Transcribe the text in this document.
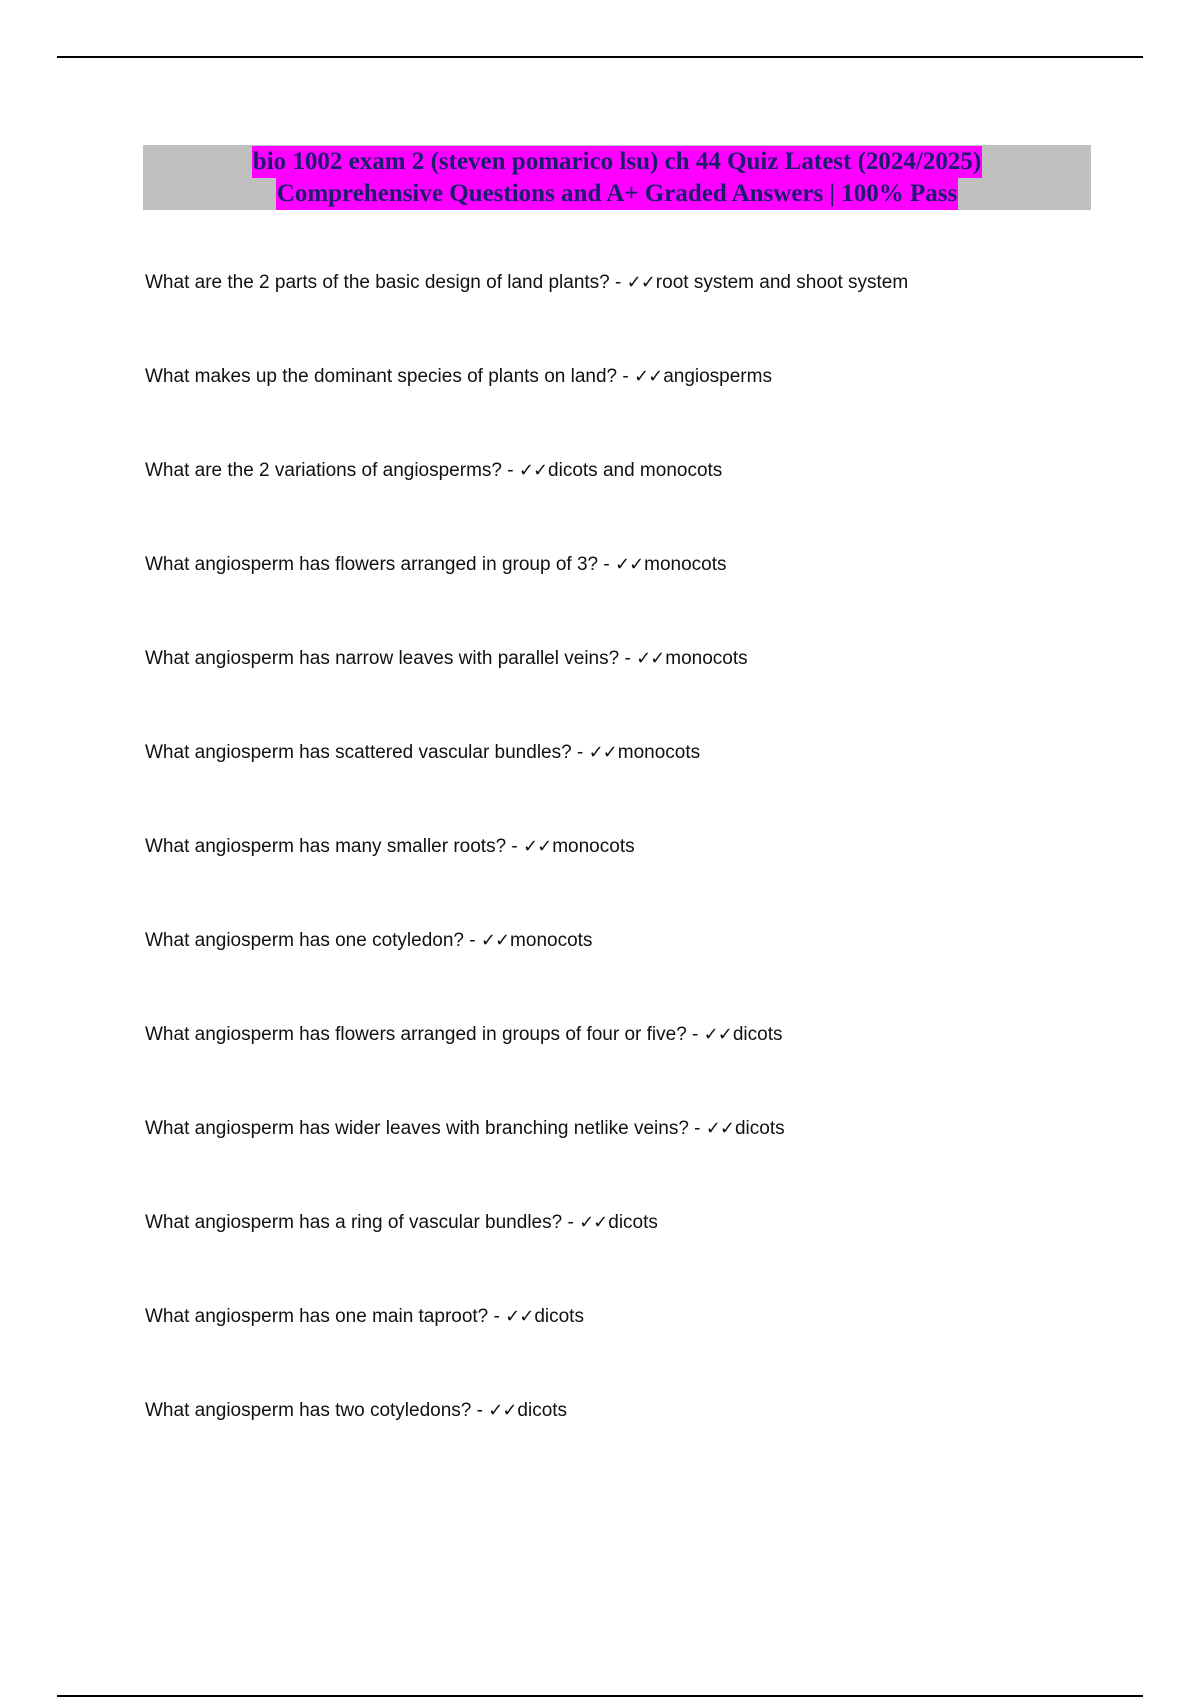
bio 1002 exam 2 (steven pomarico lsu) ch 44 Quiz Latest (2024/2025)
Comprehensive Questions and A+ Graded Answers | 100% Pass
What are the 2 parts of the basic design of land plants? - ✓✓root system and shoot system
What makes up the dominant species of plants on land? - ✓✓angiosperms
What are the 2 variations of angiosperms? - ✓✓dicots and monocots
What angiosperm has flowers arranged in group of 3? - ✓✓monocots
What angiosperm has narrow leaves with parallel veins? - ✓✓monocots
What angiosperm has scattered vascular bundles? - ✓✓monocots
What angiosperm has many smaller roots? - ✓✓monocots
What angiosperm has one cotyledon? - ✓✓monocots
What angiosperm has flowers arranged in groups of four or five? - ✓✓dicots
What angiosperm has wider leaves with branching netlike veins? - ✓✓dicots
What angiosperm has a ring of vascular bundles? - ✓✓dicots
What angiosperm has one main taproot? - ✓✓dicots
What angiosperm has two cotyledons? - ✓✓dicots
